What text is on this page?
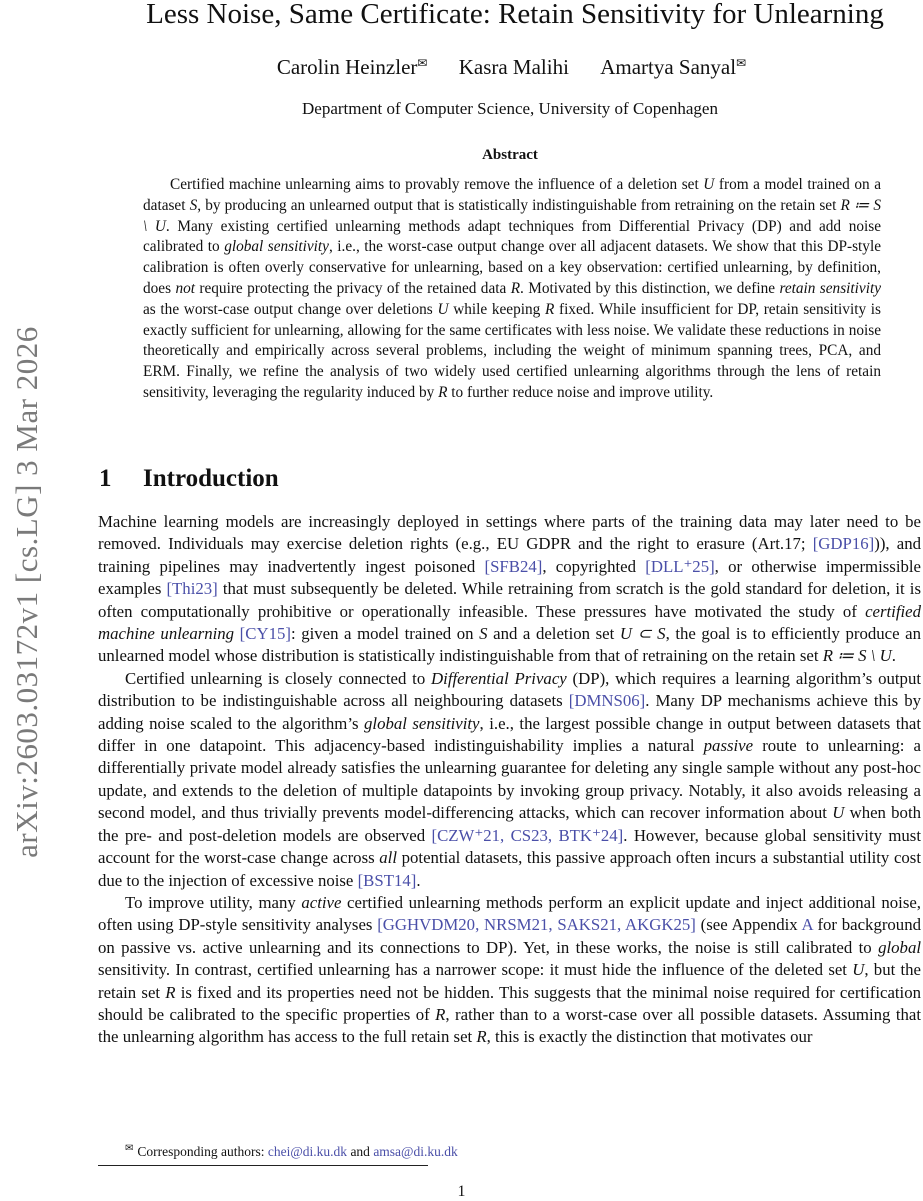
arXiv:2603.03172v1 [cs.LG] 3 Mar 2026
Less Noise, Same Certificate: Retain Sensitivity for Unlearning
Carolin Heinzler✉ Kasra Malihi Amartya Sanyal✉
Department of Computer Science, University of Copenhagen
Abstract
Certified machine unlearning aims to provably remove the influence of a deletion set U from a model trained on a dataset S, by producing an unlearned output that is statistically indistinguishable from retraining on the retain set R ≔ S \ U. Many existing certified unlearning methods adapt techniques from Differential Privacy (DP) and add noise calibrated to global sensitivity, i.e., the worst-case output change over all adjacent datasets. We show that this DP-style calibration is often overly conservative for unlearning, based on a key observation: certified unlearning, by definition, does not require protecting the privacy of the retained data R. Motivated by this distinction, we define retain sensitivity as the worst-case output change over deletions U while keeping R fixed. While insufficient for DP, retain sensitivity is exactly sufficient for unlearning, allowing for the same certificates with less noise. We validate these reductions in noise theoretically and empirically across several problems, including the weight of minimum spanning trees, PCA, and ERM. Finally, we refine the analysis of two widely used certified unlearning algorithms through the lens of retain sensitivity, leveraging the regularity induced by R to further reduce noise and improve utility.
1 Introduction

Machine learning models are increasingly deployed in settings where parts of the training data may later need to be removed. Individuals may exercise deletion rights (e.g., EU GDPR and the right to erasure (Art.17; [GDP16])), and training pipelines may inadvertently ingest poisoned [SFB24], copyrighted [DLL⁺25], or otherwise impermissible examples [Thi23] that must subsequently be deleted. While retraining from scratch is the gold standard for deletion, it is often computationally prohibitive or operationally infeasible. These pressures have motivated the study of certified machine unlearning [CY15]: given a model trained on S and a deletion set U ⊂ S, the goal is to efficiently produce an unlearned model whose distribution is statistically indistinguishable from that of retraining on the retain set R ≔ S \ U.

Certified unlearning is closely connected to Differential Privacy (DP), which requires a learning algorithm’s output distribution to be indistinguishable across all neighbouring datasets [DMNS06]. Many DP mechanisms achieve this by adding noise scaled to the algorithm’s global sensitivity, i.e., the largest possible change in output between datasets that differ in one datapoint. This adjacency-based indistinguishability implies a natural passive route to unlearning: a differentially private model already satisfies the unlearning guarantee for deleting any single sample without any post-hoc update, and extends to the deletion of multiple datapoints by invoking group privacy. Notably, it also avoids releasing a second model, and thus trivially prevents model-differencing attacks, which can recover information about U when both the pre- and post-deletion models are observed [CZW⁺21, CS23, BTK⁺24]. However, because global sensitivity must account for the worst-case change across all potential datasets, this passive approach often incurs a substantial utility cost due to the injection of excessive noise [BST14].

To improve utility, many active certified unlearning methods perform an explicit update and inject additional noise, often using DP-style sensitivity analyses [GGHVDM20, NRSM21, SAKS21, AKGK25] (see Appendix A for background on passive vs. active unlearning and its connections to DP). Yet, in these works, the noise is still calibrated to global sensitivity. In contrast, certified unlearning has a narrower scope: it must hide the influence of the deleted set U, but the retain set R is fixed and its properties need not be hidden. This suggests that the minimal noise required for certification should be calibrated to the specific properties of R, rather than to a worst-case over all possible datasets. Assuming that the unlearning algorithm has access to the full retain set R, this is exactly the distinction that motivates our

✉ Corresponding authors: chei@di.ku.dk and amsa@di.ku.dk
1
